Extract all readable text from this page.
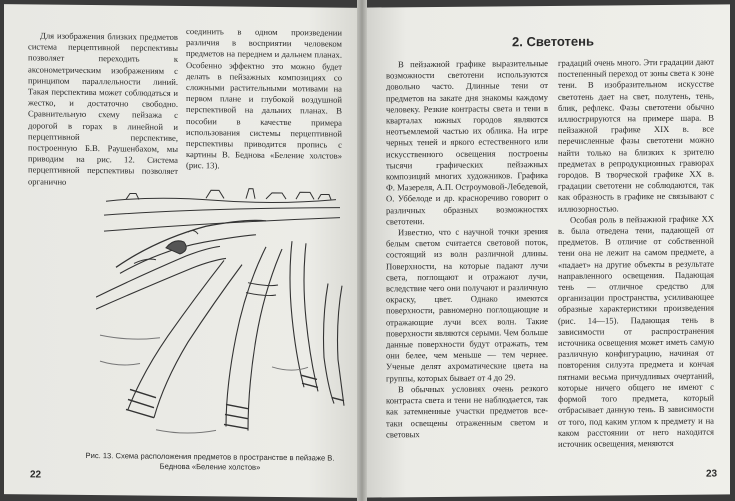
Для изображения близких предметов система перцептивной перспективы позволяет переходить к аксонометрическим изображениям с принципом параллельности линий. Такая перспектива может соблюдаться и жестко, и достаточно свободно. Сравнительную схему пейзажа с дорогой в горах в линейной и перцептивной перспективе, построенную Б.В. Раушенбахом, мы приводим на рис. 12. Система перцептивной перспективы позволяет органично

соединить в одном произведении различия в восприятии человеком предметов на переднем и дальнем планах. Особенно эффектно это можно будет делать в пейзажных композициях со сложными растительными мотивами на первом плане и глубокой воздушной перспективой на дальних планах. В пособии в качестве примера использования системы перцептивной перспективы приводится пропись с картины В. Беднова «Беление холстов» (рис. 13).

Рис. 13. Схема расположения предметов в пространстве в пейзаже В. Беднова «Беление холстов»
22
2. Светотень

В пейзажной графике выразительные возможности светотени используются довольно часто. Длинные тени от предметов на закате дня знакомы каждому человеку. Резкие контрасты света и тени в кварталах южных городов являются неотъемлемой частью их облика. На игре черных теней и яркого естественного или искусственного освещения построены тысячи графических пейзажных композиций многих художников. Графика Ф. Мазереля, А.П. Остроумовой-Лебедевой, О. Уббелоде и др. красноречиво говорит о различных образных возможностях светотени.

Известно, что с научной точки зрения белым светом считается световой поток, состоящий из волн различной длины. Поверхности, на которые падают лучи света, поглощают и отражают лучи, вследствие чего они получают и различную окраску, цвет. Однако имеются поверхности, равномерно поглощающие и отражающие лучи всех волн. Такие поверхности являются серыми. Чем больше данные поверхности будут отражать, тем они белее, чем меньше — тем чернее. Ученые делят ахроматические цвета на группы, которых бывает от 4 до 29.

В обычных условиях очень резкого контраста света и тени не наблюдается, так как затемненные участки предметов все-таки освещены отраженным светом и световых

градаций очень много. Эти градации дают постепенный переход от зоны света к зоне тени. В изобразительном искусстве светотень дает на свет, полутень, тень, блик, рефлекс. Фазы светотени обычно иллюстрируются на примере шара. В пейзажной графике XIX в. все перечисленные фазы светотени можно найти только на близких к зрителю предметах в репродукционных гравюрах городов. В творческой графике XX в. градации светотени не соблюдаются, так как образность в графике не связывают с иллюзорностью.

Особая роль в пейзажной графике XX в. была отведена тени, падающей от предметов. В отличие от собственной тени она не лежит на самом предмете, а «падает» на другие объекты в результате направленного освещения. Падающая тень — отличное средство для организации пространства, усиливающее образные характеристики произведения (рис. 14—15). Падающая тень в зависимости от распространения источника освещения может иметь самую различную конфигурацию, начиная от повторения силуэта предмета и кончая пятнами весьма причудливых очертаний, которые ничего общего не имеют с формой того предмета, который отбрасывает данную тень. В зависимости от того, под каким углом к предмету и на каком расстоянии от него находится источник освещения, меняются

23
